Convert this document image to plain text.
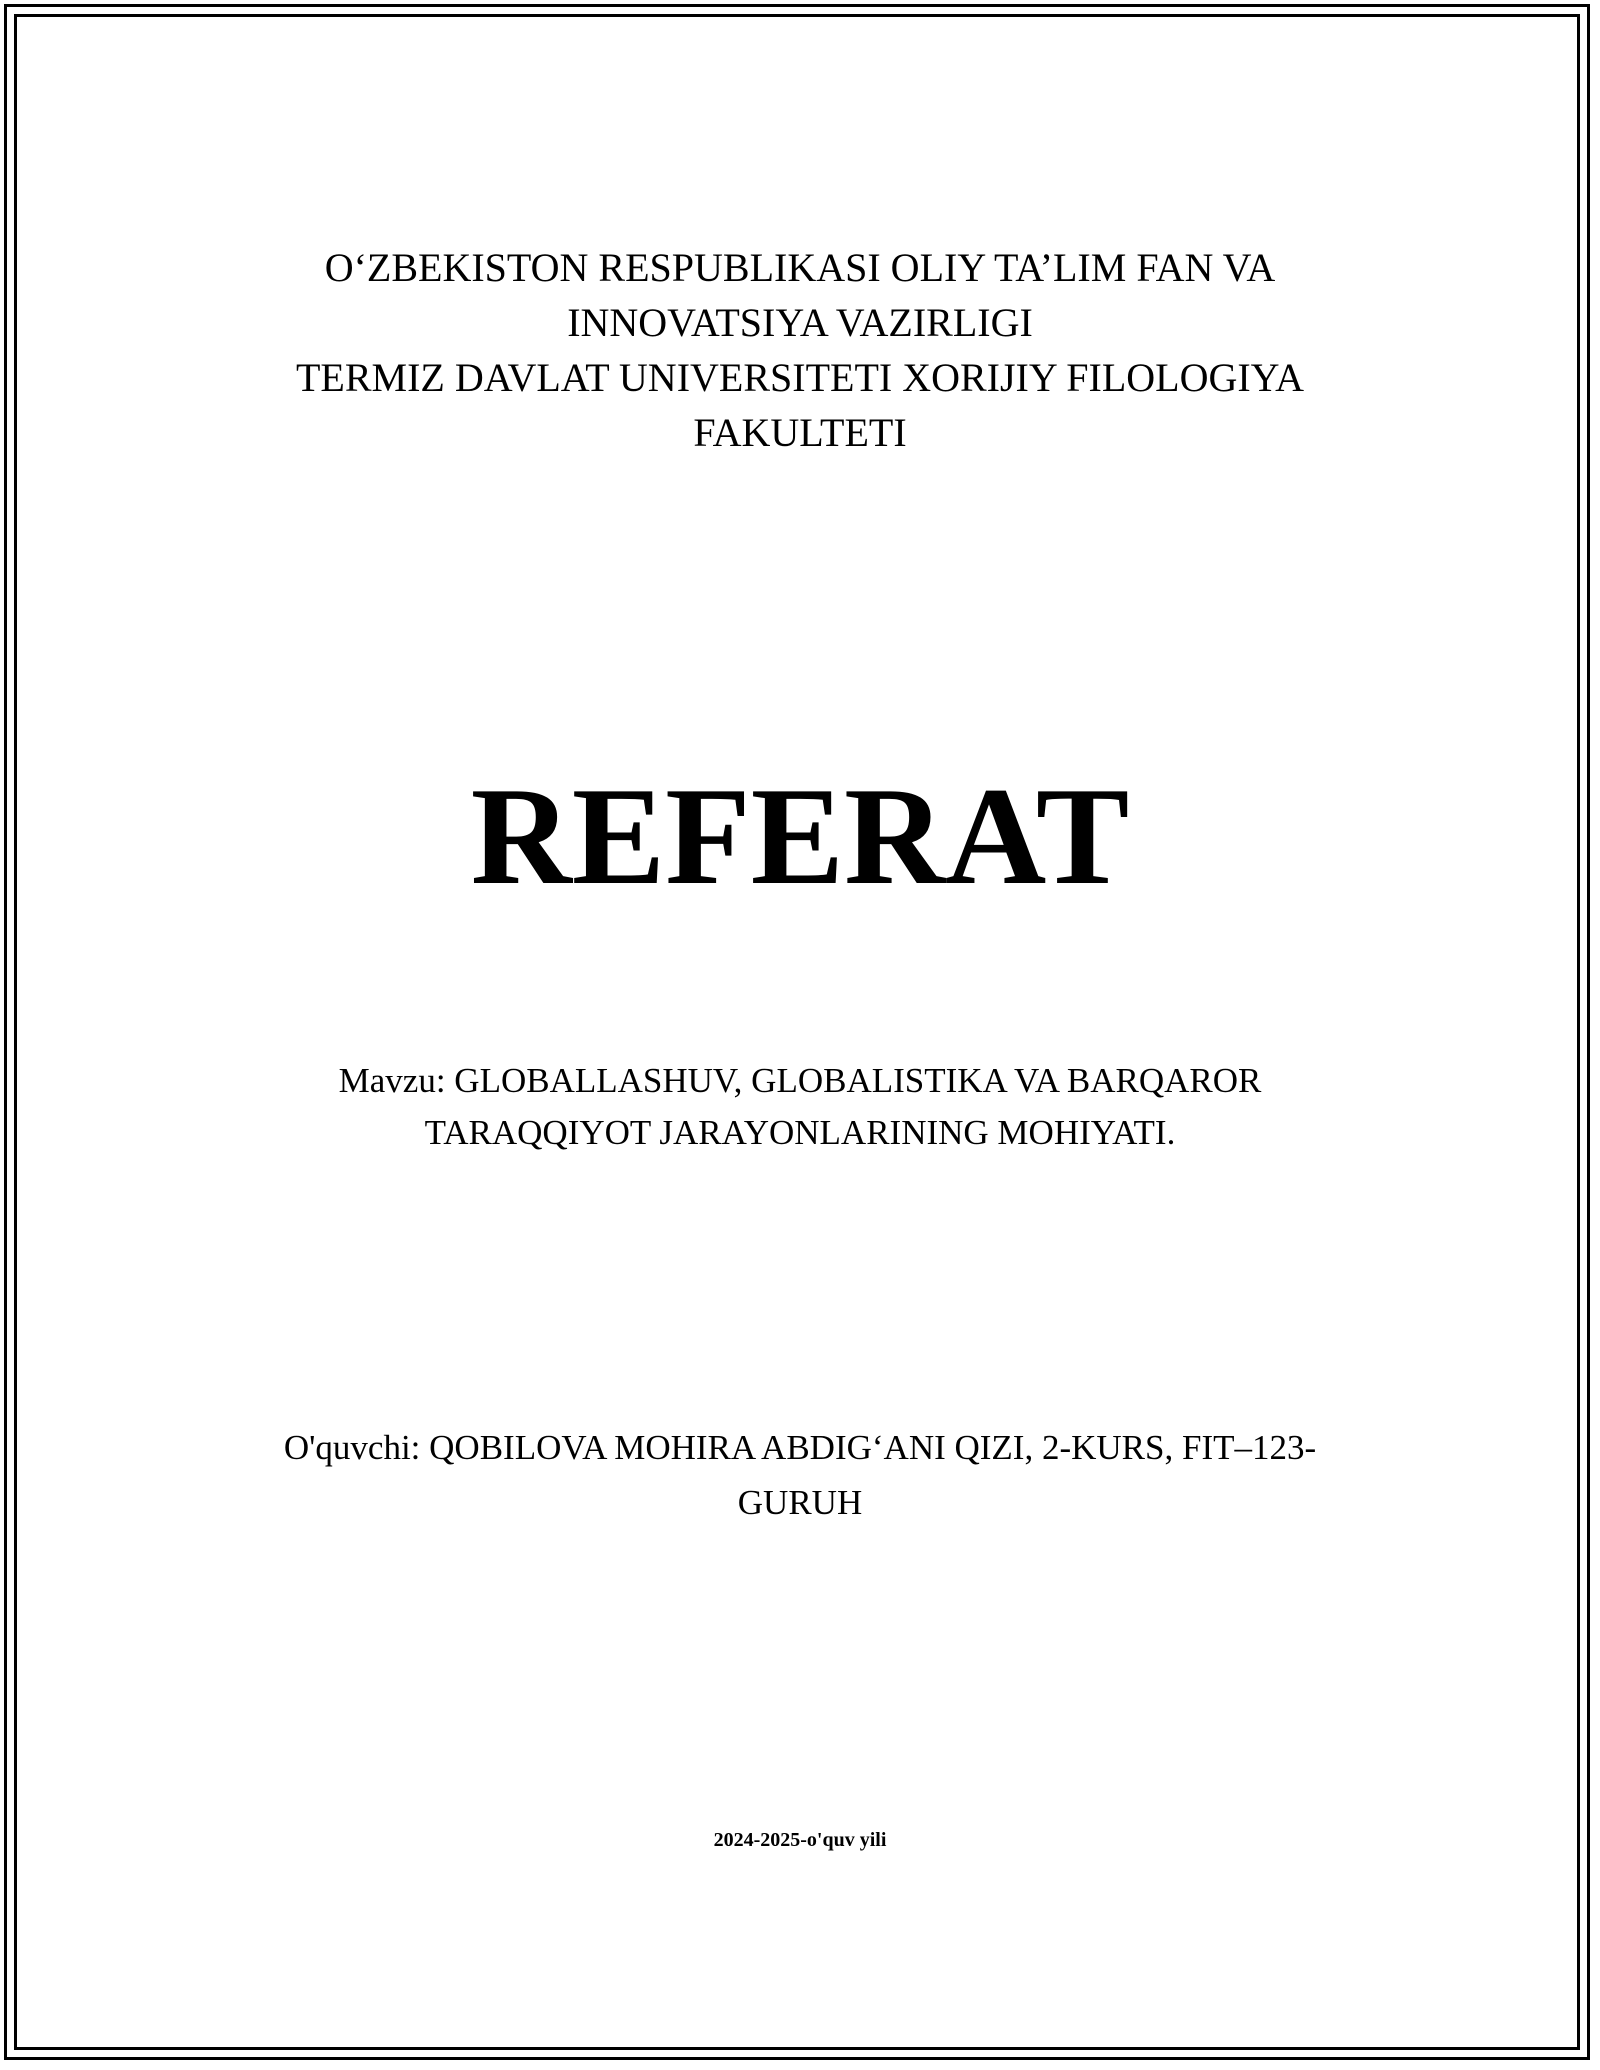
O‘ZBEKISTON RESPUBLIKASI OLIY TA’LIM FAN VA
INNOVATSIYA VAZIRLIGI
TERMIZ DAVLAT UNIVERSITETI XORIJIY FILOLOGIYA
FAKULTETI
REFERAT
Mavzu: GLOBALLASHUV, GLOBALISTIKA VA BARQAROR
TARAQQIYOT JARAYONLARINING MOHIYATI.
O'quvchi: QOBILOVA MOHIRA ABDIG‘ANI QIZI, 2-KURS, FIT–123-
GURUH
2024-2025-o'quv yili
